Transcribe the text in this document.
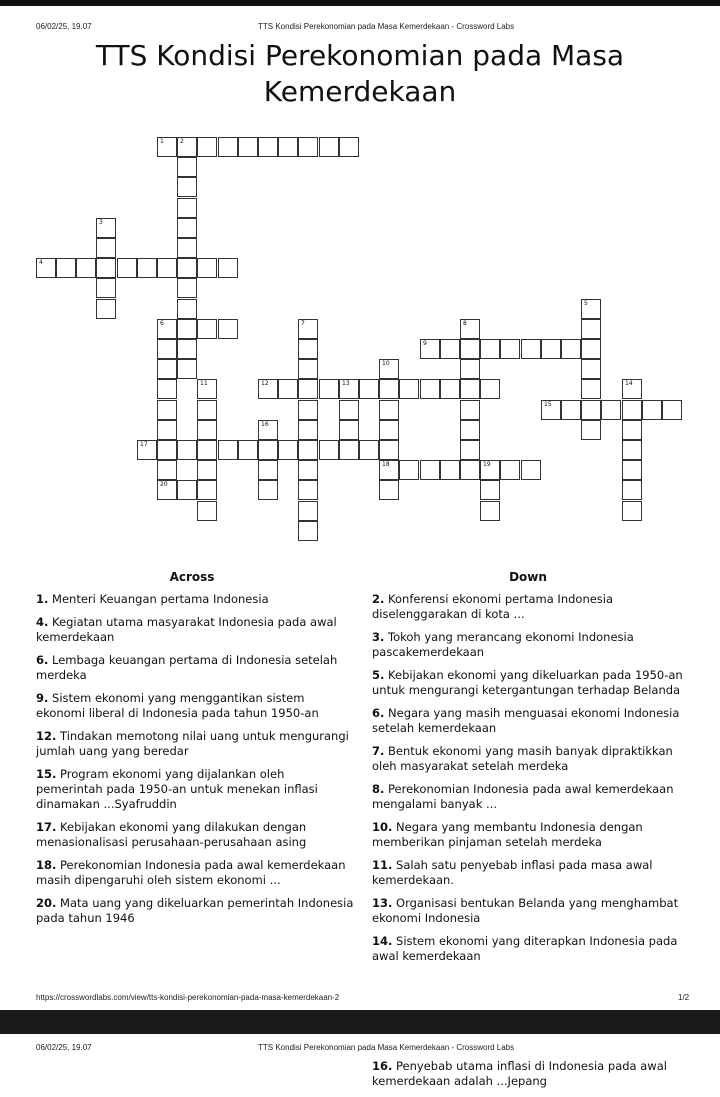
06/02/25, 19.07	TTS Kondisi Perekonomian pada Masa Kemerdekaan - Crossword Labs
TTS Kondisi Perekonomian pada Masa
Kemerdekaan
1	2
4
6
9
12	13
15
17
18	19
20
3
5
7	8
10
11	14
16
Across	Down
1. Menteri Keuangan pertama Indonesia
4. Kegiatan utama masyarakat Indonesia pada awal kemerdekaan
6. Lembaga keuangan pertama di Indonesia setelah merdeka
9. Sistem ekonomi yang menggantikan sistem ekonomi liberal di Indonesia pada tahun 1950-an
12. Tindakan memotong nilai uang untuk mengurangi jumlah uang yang beredar
15. Program ekonomi yang dijalankan oleh pemerintah pada 1950-an untuk menekan inflasi dinamakan ...Syafruddin
17. Kebijakan ekonomi yang dilakukan dengan menasionalisasi perusahaan-perusahaan asing
18. Perekonomian Indonesia pada awal kemerdekaan masih dipengaruhi oleh sistem ekonomi ...
20. Mata uang yang dikeluarkan pemerintah Indonesia pada tahun 1946
2. Konferensi ekonomi pertama Indonesia diselenggarakan di kota ...
3. Tokoh yang merancang ekonomi Indonesia pascakemerdekaan
5. Kebijakan ekonomi yang dikeluarkan pada 1950-an untuk mengurangi ketergantungan terhadap Belanda
6. Negara yang masih menguasai ekonomi Indonesia setelah kemerdekaan
7. Bentuk ekonomi yang masih banyak dipraktikkan oleh masyarakat setelah merdeka
8. Perekonomian Indonesia pada awal kemerdekaan mengalami banyak ...
10. Negara yang membantu Indonesia dengan memberikan pinjaman setelah merdeka
11. Salah satu penyebab inflasi pada masa awal kemerdekaan.
13. Organisasi bentukan Belanda yang menghambat ekonomi Indonesia
14. Sistem ekonomi yang diterapkan Indonesia pada awal kemerdekaan
https://crosswordlabs.com/view/tts-kondisi-perekonomian-pada-masa-kemerdekaan-2	1/2
06/02/25, 19.07	TTS Kondisi Perekonomian pada Masa Kemerdekaan - Crossword Labs
16. Penyebab utama inflasi di Indonesia pada awal kemerdekaan adalah ...Jepang
